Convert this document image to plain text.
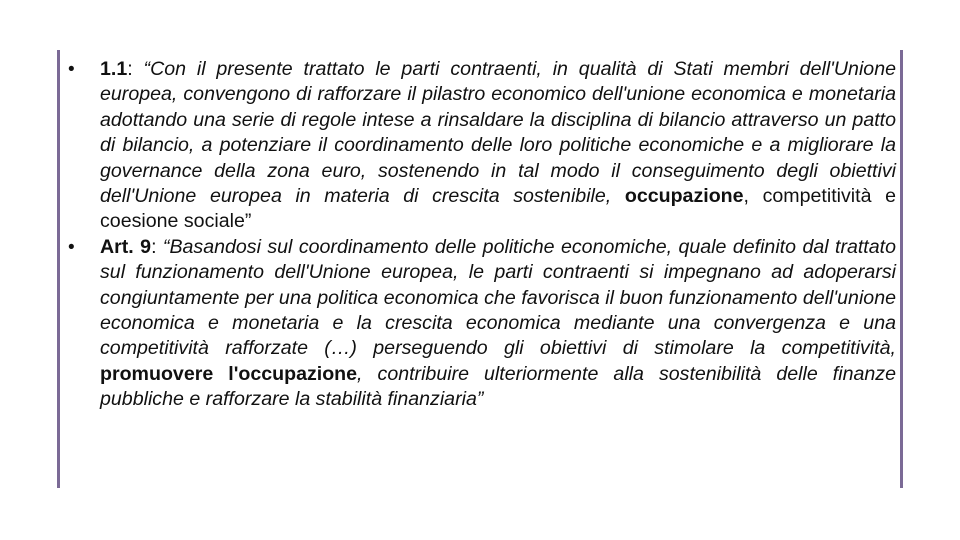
•	1.1: “Con il presente trattato le parti contraenti, in qualità di Stati membri dell'Unione europea, convengono di rafforzare il pilastro economico dell'unione economica e monetaria adottando una serie di regole intese a rinsaldare la disciplina di bilancio attraverso un patto di bilancio, a potenziare il coordinamento delle loro politiche economiche e a migliorare la governance della zona euro, sostenendo in tal modo il conseguimento degli obiettivi dell'Unione europea in materia di crescita sostenibile, occupazione, competitività e coesione sociale”
•	Art. 9: “Basandosi sul coordinamento delle politiche economiche, quale definito dal trattato sul funzionamento dell'Unione europea, le parti contraenti si impegnano ad adoperarsi congiuntamente per una politica economica che favorisca il buon funzionamento dell'unione economica e monetaria e la crescita economica mediante una convergenza e una competitività rafforzate (…) perseguendo gli obiettivi di stimolare la competitività, promuovere l'occupazione, contribuire ulteriormente alla sostenibilità delle finanze pubbliche e rafforzare la stabilità finanziaria”
